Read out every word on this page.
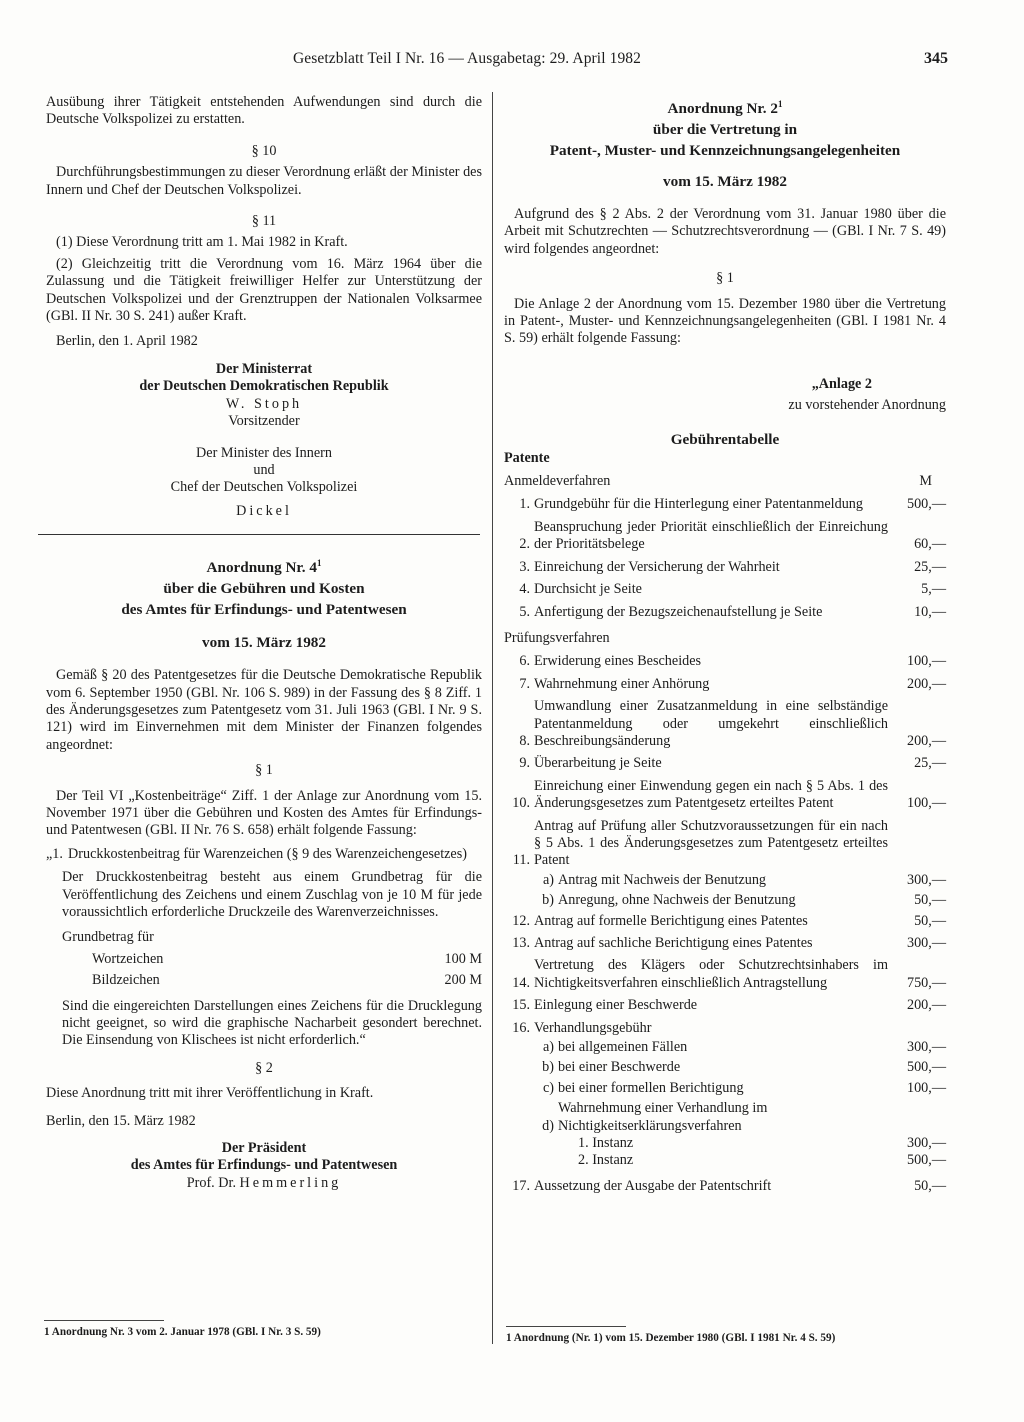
Gesetzblatt Teil I Nr. 16 — Ausgabetag: 29. April 1982	345

Ausübung ihrer Tätigkeit entstehenden Aufwendungen sind durch die Deutsche Volkspolizei zu erstatten.

§ 10

Durchführungsbestimmungen zu dieser Verordnung erläßt der Minister des Innern und Chef der Deutschen Volkspolizei.

§ 11

(1) Diese Verordnung tritt am 1. Mai 1982 in Kraft.

(2) Gleichzeitig tritt die Verordnung vom 16. März 1964 über die Zulassung und die Tätigkeit freiwilliger Helfer zur Unterstützung der Deutschen Volkspolizei und der Grenztruppen der Nationalen Volksarmee (GBl. II Nr. 30 S. 241) außer Kraft.

Berlin, den 1. April 1982

Der Ministerrat

der Deutschen Demokratischen Republik

W. Stoph

Vorsitzender

Der Minister des Innern

und

Chef der Deutschen Volkspolizei

Dickel

Anordnung Nr. $4^1$

über die Gebühren und Kosten

des Amtes für Erfindungs- und Patentwesen

vom 15. März 1982

Gemäß § 20 des Patentgesetzes für die Deutsche Demokratische Republik vom 6. September 1950 (GBl. Nr. 106 S. 989) in der Fassung des § 8 Ziff. 1 des Änderungsgesetzes zum Patentgesetz vom 31. Juli 1963 (GBl. I Nr. 9 S. 121) wird im Einvernehmen mit dem Minister der Finanzen folgendes angeordnet:

§ 1

Der Teil VI „Kostenbeiträge“ Ziff. 1 der Anlage zur Anordnung vom 15. November 1971 über die Gebühren und Kosten des Amtes für Erfindungs- und Patentwesen (GBl. II Nr. 76 S. 658) erhält folgende Fassung:

„1. Druckkostenbeitrag für Warenzeichen (§ 9 des Warenzeichengesetzes)

Der Druckkostenbeitrag besteht aus einem Grundbetrag für die Veröffentlichung des Zeichens und einem Zuschlag von je 10 M für jede voraussichtlich erforderliche Druckzeile des Warenverzeichnisses.

Grundbetrag für

Wortzeichen	100 M
Bildzeichen	200 M

Sind die eingereichten Darstellungen eines Zeichens für die Drucklegung nicht geeignet, so wird die graphische Nacharbeit gesondert berechnet. Die Einsendung von Klischees ist nicht erforderlich.“

§ 2

Diese Anordnung tritt mit ihrer Veröffentlichung in Kraft.

Berlin, den 15. März 1982

Der Präsident

des Amtes für Erfindungs- und Patentwesen

Prof. Dr. Hemmerling

1 Anordnung Nr. 3 vom 2. Januar 1978 (GBl. I Nr. 3 S. 59)
Anordnung Nr. $2^1$

über die Vertretung in

Patent-, Muster- und Kennzeichnungsangelegenheiten

vom 15. März 1982

Aufgrund des § 2 Abs. 2 der Verordnung vom 31. Januar 1980 über die Arbeit mit Schutzrechten — Schutzrechtsverordnung — (GBl. I Nr. 7 S. 49) wird folgendes angeordnet:

§ 1

Die Anlage 2 der Anordnung vom 15. Dezember 1980 über die Vertretung in Patent-, Muster- und Kennzeichnungsangelegenheiten (GBl. I 1981 Nr. 4 S. 59) erhält folgende Fassung:

„Anlage 2

zu vorstehender Anordnung

Gebührentabelle

Patente

Anmeldeverfahren	M
1. Grundgebühr für die Hinterlegung einer Patentanmeldung	500,—
2.
Beanspruchung jeder Priorität einschließlich der Einreichung der Prioritätsbelege	60,—
3. Einreichung der Versicherung der Wahrheit	25,—
4. Durchsicht je Seite	5,—
5. Anfertigung der Bezugszeichenaufstellung je Seite	10,—

Prüfungsverfahren

6. Erwiderung eines Bescheides	100,—
7. Wahrnehmung einer Anhörung	200,—
8.
Umwandlung einer Zusatzanmeldung in eine selbständige Patentanmeldung oder umgekehrt einschließlich Beschreibungsänderung	200,—
9. Überarbeitung je Seite	25,—
10.
Einreichung einer Einwendung gegen ein nach § 5 Abs. 1 des Änderungsgesetzes zum Patentgesetz erteiltes Patent	100,—
11.
Antrag auf Prüfung aller Schutzvoraussetzungen für ein nach § 5 Abs. 1 des Änderungsgesetzes zum Patentgesetz erteiltes Patent
a) Antrag mit Nachweis der Benutzung	300,—
b) Anregung, ohne Nachweis der Benutzung	50,—
12. Antrag auf formelle Berichtigung eines Patentes	50,—
13. Antrag auf sachliche Berichtigung eines Patentes	300,—
14.
Vertretung des Klägers oder Schutzrechtsinhabers im Nichtigkeitsverfahren einschließlich Antragstellung	750,—
15. Einlegung einer Beschwerde	200,—
16. Verhandlungsgebühr
a) bei allgemeinen Fällen	300,—
b) bei einer Beschwerde	500,—
c) bei einer formellen Berichtigung	100,—
d)
Wahrnehmung einer Verhandlung im Nichtigkeitserklärungsverfahren
1. Instanz	300,—
2. Instanz	500,—
17. Aussetzung der Ausgabe der Patentschrift	50,—
1 Anordnung (Nr. 1) vom 15. Dezember 1980 (GBl. I 1981 Nr. 4 S. 59)
